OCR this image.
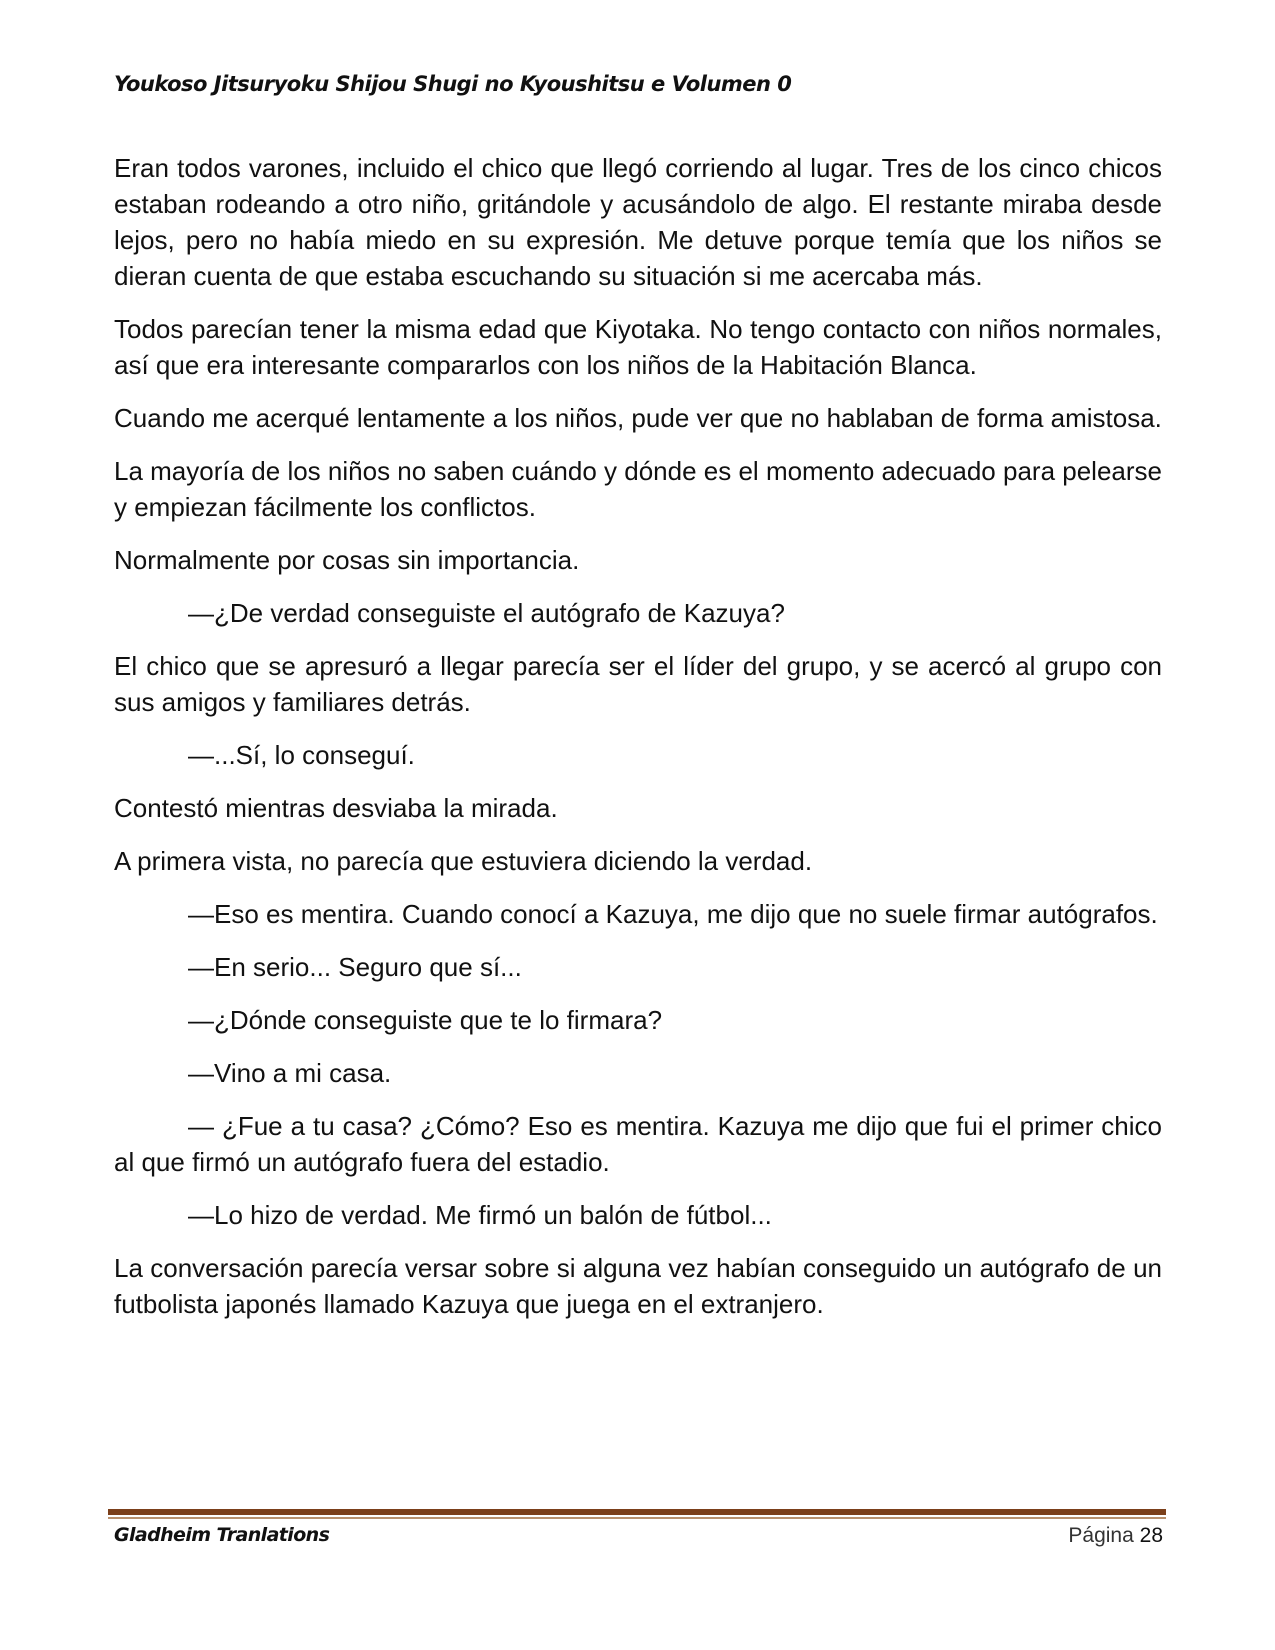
Youkoso Jitsuryoku Shijou Shugi no Kyoushitsu e Volumen 0

Eran todos varones, incluido el chico que llegó corriendo al lugar. Tres de los cinco chicos estaban rodeando a otro niño, gritándole y acusándolo de algo. El restante miraba desde lejos, pero no había miedo en su expresión. Me detuve porque temía que los niños se dieran cuenta de que estaba escuchando su situación si me acercaba más.

Todos parecían tener la misma edad que Kiyotaka. No tengo contacto con niños normales, así que era interesante compararlos con los niños de la Habitación Blanca.

Cuando me acerqué lentamente a los niños, pude ver que no hablaban de forma amistosa.

La mayoría de los niños no saben cuándo y dónde es el momento adecuado para pelearse y empiezan fácilmente los conflictos.

Normalmente por cosas sin importancia.

—¿De verdad conseguiste el autógrafo de Kazuya?

El chico que se apresuró a llegar parecía ser el líder del grupo, y se acercó al grupo con sus amigos y familiares detrás.

—...Sí, lo conseguí.

Contestó mientras desviaba la mirada.

A primera vista, no parecía que estuviera diciendo la verdad.

—Eso es mentira. Cuando conocí a Kazuya, me dijo que no suele firmar autógrafos.

—En serio... Seguro que sí...

—¿Dónde conseguiste que te lo firmara?

—Vino a mi casa.

— ¿Fue a tu casa? ¿Cómo? Eso es mentira. Kazuya me dijo que fui el primer chico al que firmó un autógrafo fuera del estadio.

—Lo hizo de verdad. Me firmó un balón de fútbol...

La conversación parecía versar sobre si alguna vez habían conseguido un autógrafo de un futbolista japonés llamado Kazuya que juega en el extranjero.

Gladheim Tranlations	Página 28
